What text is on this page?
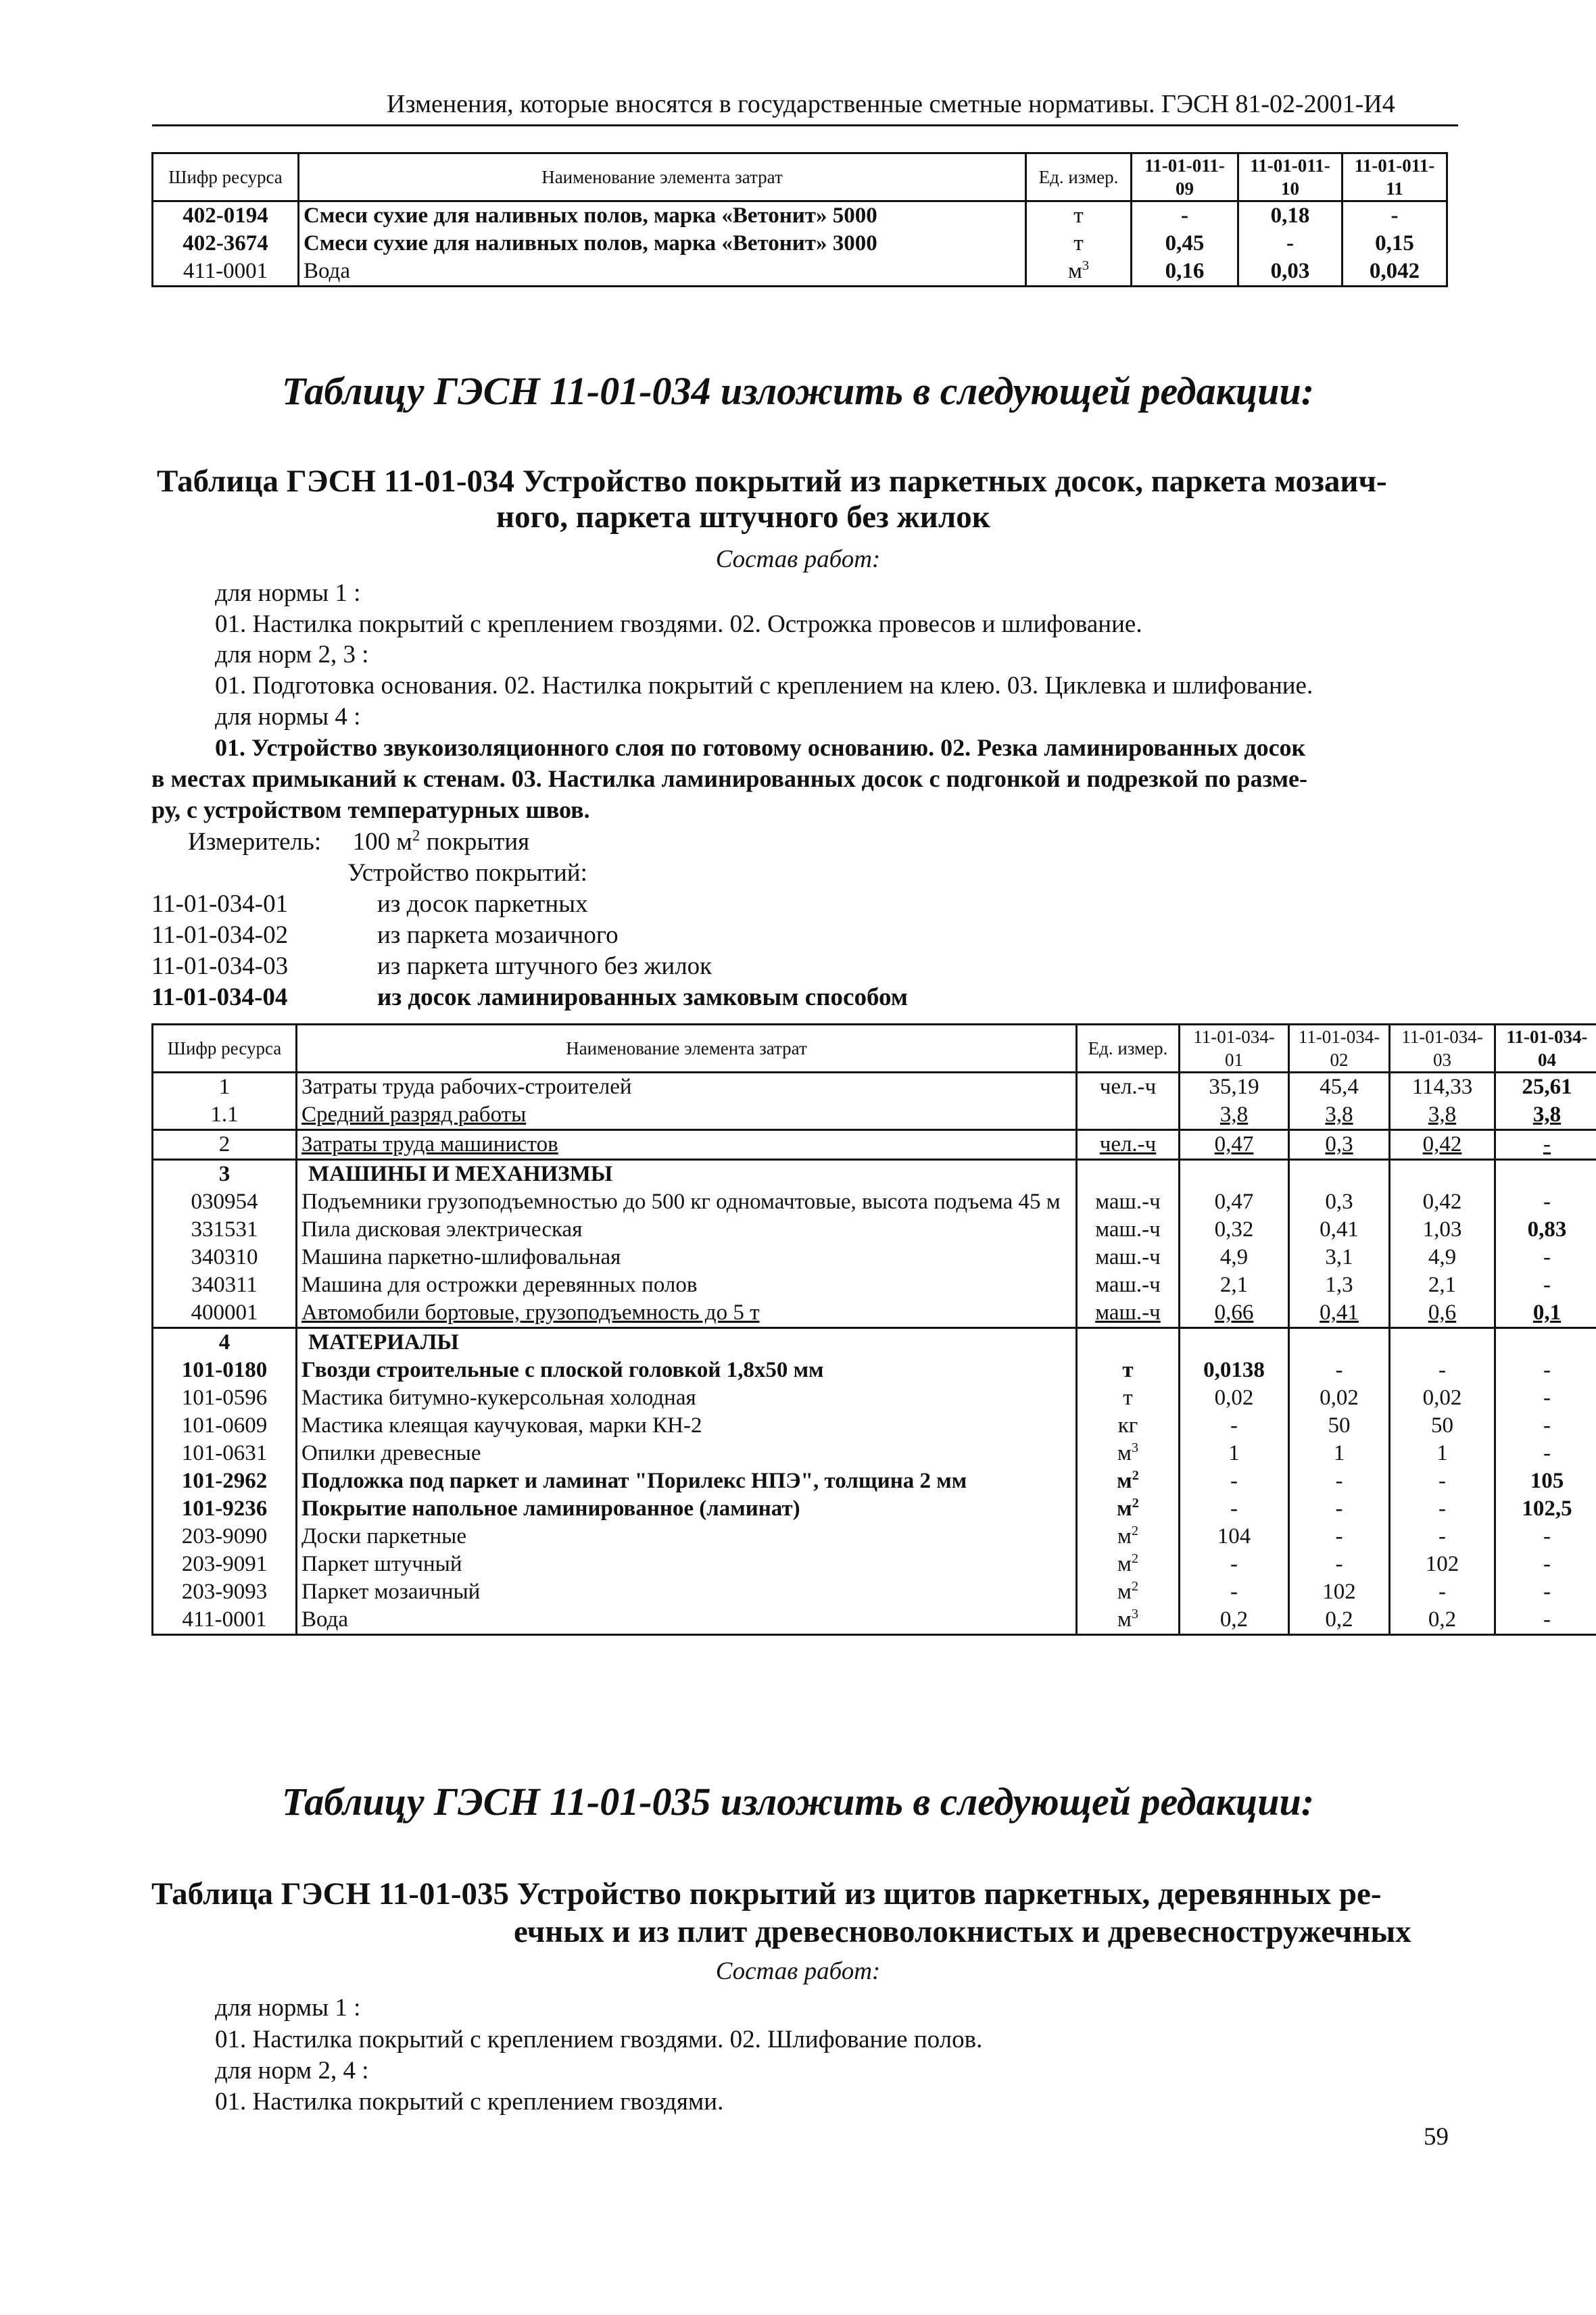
Изменения, которые вносятся в государственные сметные нормативы. ГЭСН 81-02-2001-И4
Шифр ресурса	Наименование элемента затрат	Ед. измер.	11-01-011-09	11-01-011-10	11-01-011-11
402-0194	Смеси сухие для наливных полов, марка «Ветонит» 5000	т	-	0,18	-
402-3674	Смеси сухие для наливных полов, марка «Ветонит» 3000	т	0,45	-	0,15
411-0001	Вода	$м^3$	0,16	0,03	0,042
Таблицу ГЭСН 11-01-034 изложить в следующей редакции:
Таблица ГЭСН 11-01-034 Устройство покрытий из паркетных досок, паркета мозаич-
ного, паркета штучного без жилок
Состав работ:
для нормы 1 :
01. Настилка покрытий с креплением гвоздями. 02. Острожка провесов и шлифование.
для норм 2, 3 :
01. Подготовка основания. 02. Настилка покрытий с креплением на клею. 03. Циклевка и шлифование.
для нормы 4 :
01. Устройство звукоизоляционного слоя по готовому основанию. 02. Резка ламинированных досок
в местах примыканий к стенам. 03. Настилка ламинированных досок с подгонкой и подрезкой по разме-
ру, с устройством температурных швов.
Измеритель: 100 $м^2$ покрытия
Устройство покрытий:
11-01-034-01	из досок паркетных
11-01-034-02	из паркета мозаичного
11-01-034-03	из паркета штучного без жилок
11-01-034-04	из досок ламинированных замковым способом
Шифр ресурса	Наименование элемента затрат	Ед. измер.	11-01-034-01	11-01-034-02	11-01-034-03	11-01-034-04
1	Затраты труда рабочих-строителей	чел.-ч	35,19	45,4	114,33	25,61
1.1	Средний разряд работы		3,8	3,8	3,8	3,8
2	Затраты труда машинистов	чел.-ч	0,47	0,3	0,42	-
3	МАШИНЫ И МЕХАНИЗМЫ					
030954	Подъемники грузоподъемностью до 500 кг одномачтовые, высота подъема 45 м	маш.-ч	0,47	0,3	0,42	-
331531	Пила дисковая электрическая	маш.-ч	0,32	0,41	1,03	0,83
340310	Машина паркетно-шлифовальная	маш.-ч	4,9	3,1	4,9	-
340311	Машина для острожки деревянных полов	маш.-ч	2,1	1,3	2,1	-
400001	Автомобили бортовые, грузоподъемность до 5 т	маш.-ч	0,66	0,41	0,6	0,1
4	МАТЕРИАЛЫ					
101-0180	Гвозди строительные с плоской головкой 1,8х50 мм	т	0,0138	-	-	-
101-0596	Мастика битумно-кукерсольная холодная	т	0,02	0,02	0,02	-
101-0609	Мастика клеящая каучуковая, марки КН-2	кг	-	50	50	-
101-0631	Опилки древесные	$м^3$	1	1	1	-
101-2962	Подложка под паркет и ламинат "Порилекс НПЭ", толщина 2 мм	$м^2$	-	-	-	105
101-9236	Покрытие напольное ламинированное (ламинат)	$м^2$	-	-	-	102,5
203-9090	Доски паркетные	$м^2$	104	-	-	-
203-9091	Паркет штучный	$м^2$	-	-	102	-
203-9093	Паркет мозаичный	$м^2$	-	102	-	-
411-0001	Вода	$м^3$	0,2	0,2	0,2	-
Таблицу ГЭСН 11-01-035 изложить в следующей редакции:
Таблица ГЭСН 11-01-035 Устройство покрытий из щитов паркетных, деревянных ре-
ечных и из плит древесноволокнистых и древесностружечных
Состав работ:
для нормы 1 :
01. Настилка покрытий с креплением гвоздями. 02. Шлифование полов.
для норм 2, 4 :
01. Настилка покрытий с креплением гвоздями.
59
